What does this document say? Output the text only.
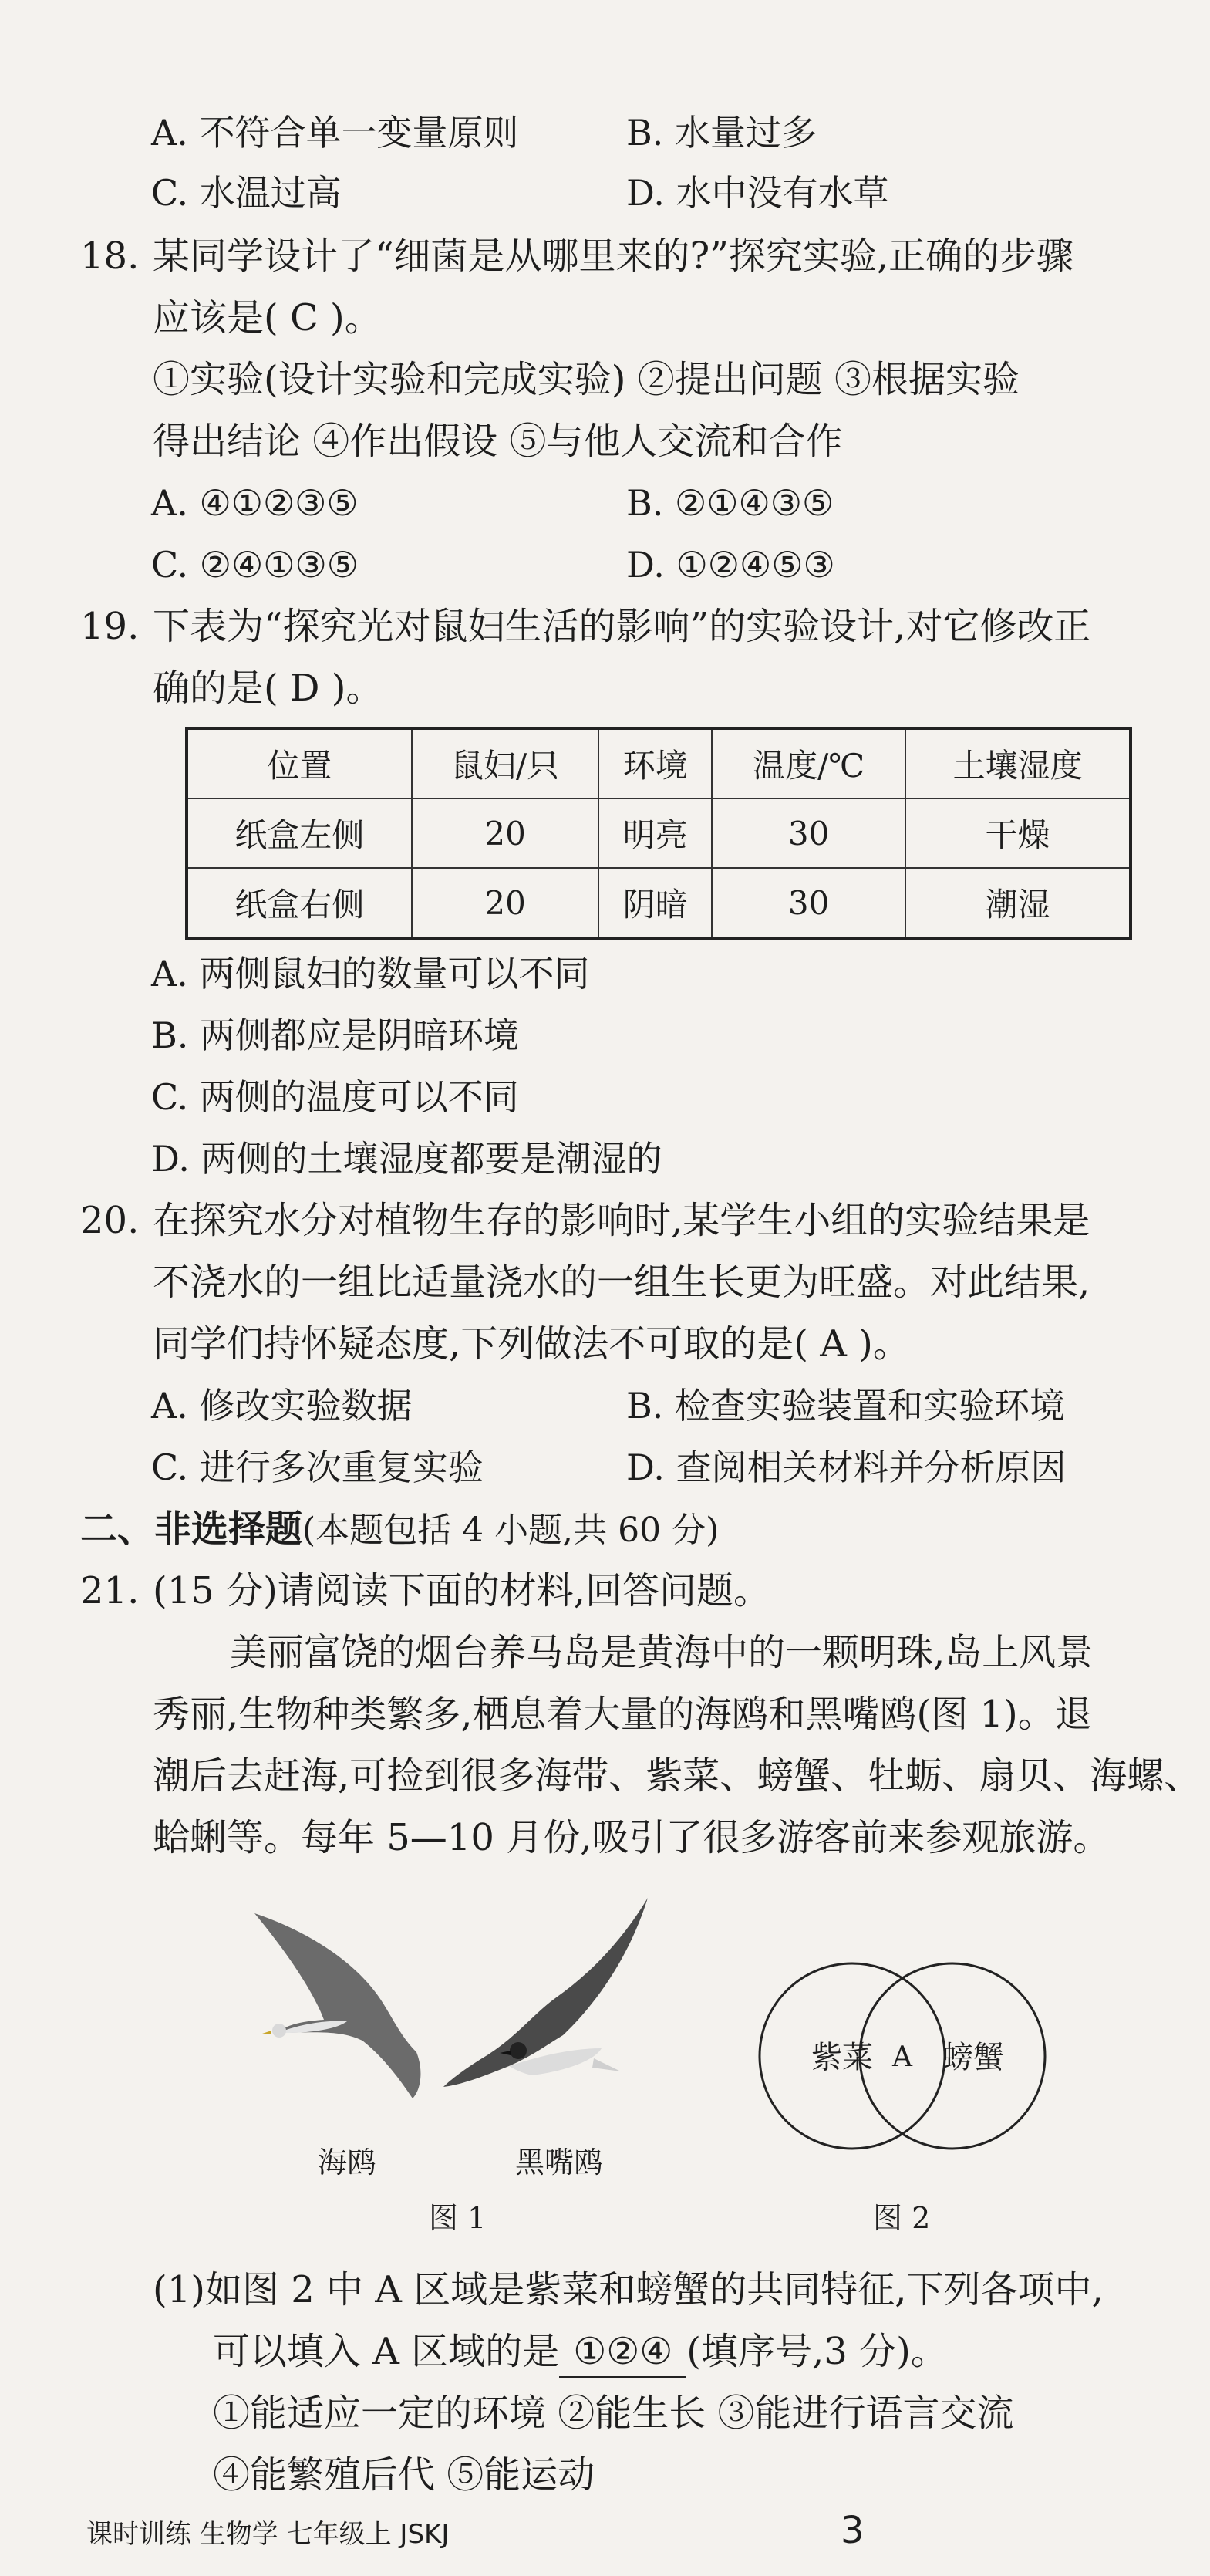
A. 不符合单一变量原则	B. 水量过多
C. 水温过高	D. 水中没有水草
18. 某同学设计了“细菌是从哪里来的?”探究实验,正确的步骤
应该是( C )。
①实验(设计实验和完成实验) ②提出问题 ③根据实验
得出结论 ④作出假设 ⑤与他人交流和合作
A. ④①②③⑤	B. ②①④③⑤
C. ②④①③⑤	D. ①②④⑤③
19. 下表为“探究光对鼠妇生活的影响”的实验设计,对它修改正
确的是( D )。
位置	鼠妇/只	环境	温度/℃	土壤湿度
纸盒左侧	20	明亮	30	干燥
纸盒右侧	20	阴暗	30	潮湿
A. 两侧鼠妇的数量可以不同
B. 两侧都应是阴暗环境
C. 两侧的温度可以不同
D. 两侧的土壤湿度都要是潮湿的
20. 在探究水分对植物生存的影响时,某学生小组的实验结果是
不浇水的一组比适量浇水的一组生长更为旺盛。对此结果,
同学们持怀疑态度,下列做法不可取的是( A )。
A. 修改实验数据	B. 检查实验装置和实验环境
C. 进行多次重复实验	D. 查阅相关材料并分析原因
二、非选择题(本题包括 4 小题,共 60 分)
21. (15 分)请阅读下面的材料,回答问题。
美丽富饶的烟台养马岛是黄海中的一颗明珠,岛上风景
秀丽,生物种类繁多,栖息着大量的海鸥和黑嘴鸥(图 1)。退
潮后去赶海,可捡到很多海带、紫菜、螃蟹、牡蛎、扇贝、海螺、
蛤蜊等。每年 5—10 月份,吸引了很多游客前来参观旅游。
海鸥	黑嘴鸥
图 1
紫菜 A 螃蟹
图 2
(1)如图 2 中 A 区域是紫菜和螃蟹的共同特征,下列各项中,
可以填入 A 区域的是 ①②④ (填序号,3 分)。
①能适应一定的环境 ②能生长 ③能进行语言交流
④能繁殖后代 ⑤能运动
课时训练 生物学 七年级上 JSKJ	3
